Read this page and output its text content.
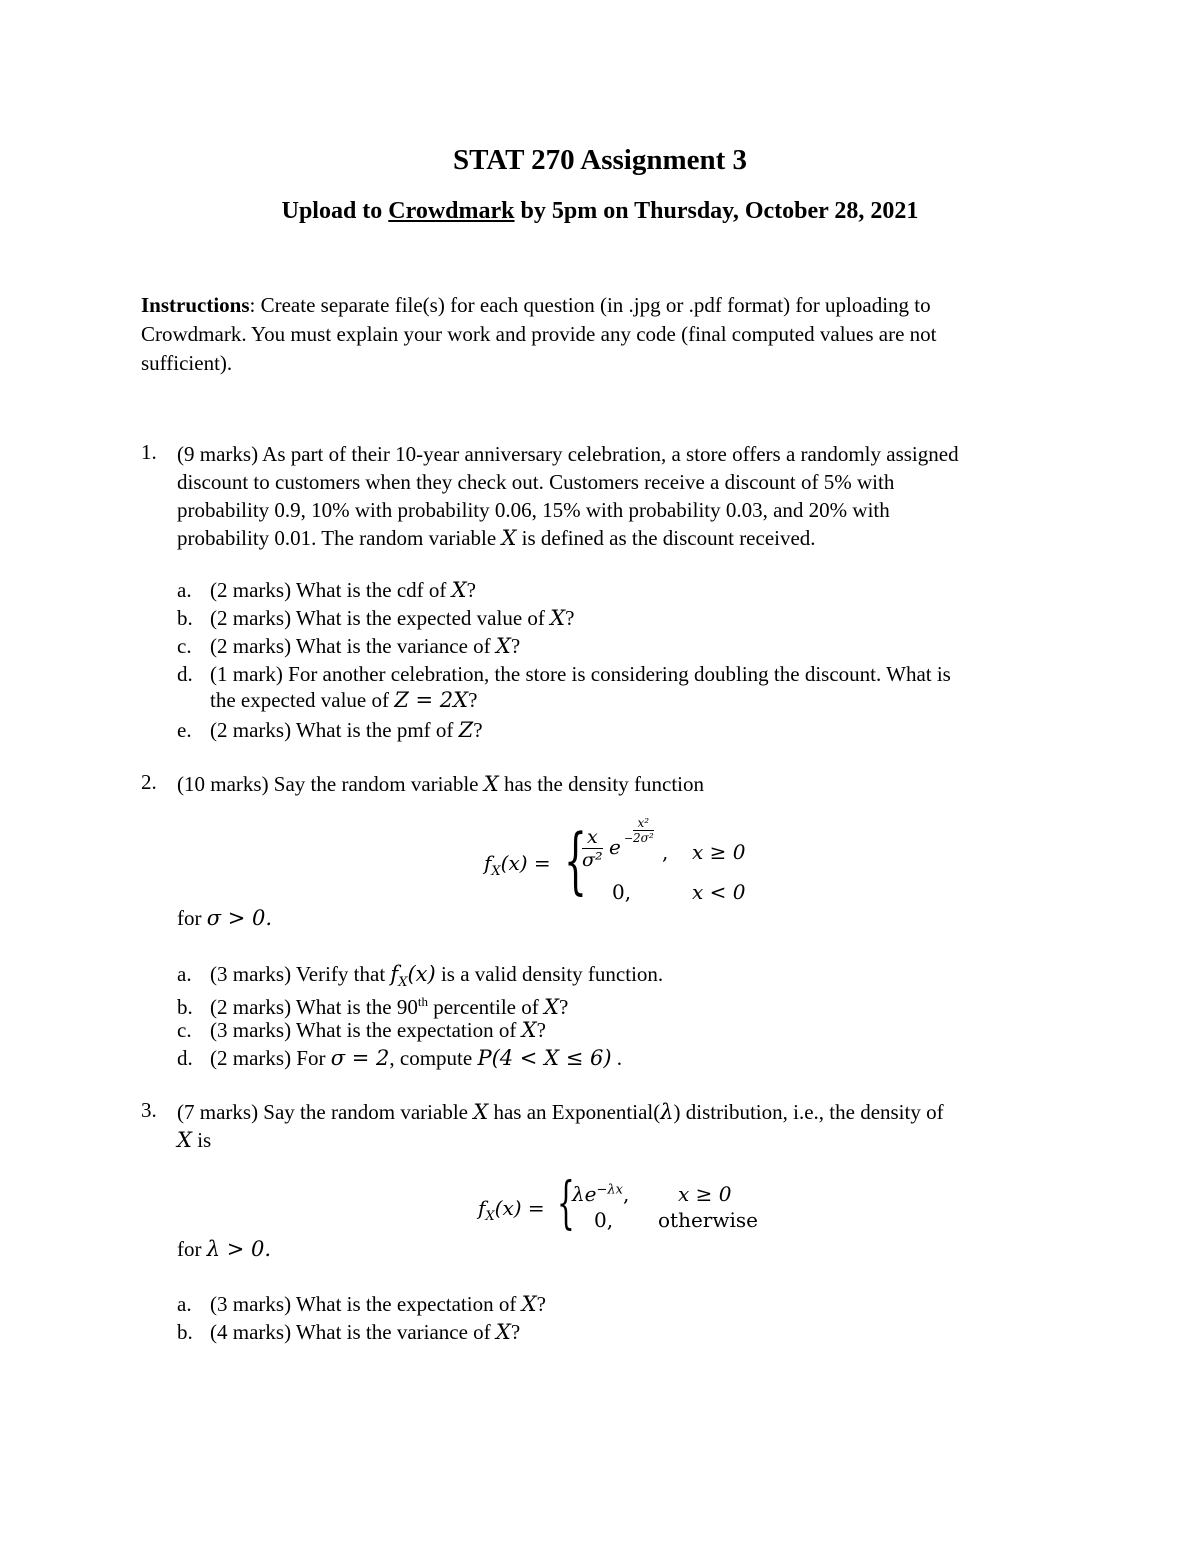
STAT 270 Assignment 3
Upload to Crowdmark by 5pm on Thursday, October 28, 2021
Instructions: Create separate file(s) for each question (in .jpg or .pdf format) for uploading to
Crowdmark. You must explain your work and provide any code (final computed values are not
sufficient).
1. (9 marks) As part of their 10-year anniversary celebration, a store offers a randomly assigned
discount to customers when they check out. Customers receive a discount of 5% with
probability 0.9, 10% with probability 0.06, 15% with probability 0.03, and 20% with
probability 0.01. The random variable X is defined as the discount received.
a. (2 marks) What is the cdf of X?
b. (2 marks) What is the expected value of X?
c. (2 marks) What is the variance of X?
d. (1 mark) For another celebration, the store is considering doubling the discount. What is
the expected value of Z = 2X?
e. (2 marks) What is the pmf of Z?
2. (10 marks) Say the random variable X has the density function
$f_X(x)$ = {
$\frac{x}{\text{σ²}}$ e −
x²
2σ²
, x ≥ 0
0,	x < 0
for σ > 0.
a. (3 marks) Verify that $f_X(x)$ is a valid density function.
b. (2 marks) What is the 90th percentile of X?
c. (3 marks) What is the expectation of X?
d. (2 marks) For σ = 2, compute P(4 < X ≤ 6) .
3. (7 marks) Say the random variable X has an Exponential(λ) distribution, i.e., the density of
X is
$f_X(x)$ = {
$\lambda e^{-\lambda x}$, x ≥ 0
0, otherwise
for λ > 0.
a. (3 marks) What is the expectation of X?
b. (4 marks) What is the variance of X?
